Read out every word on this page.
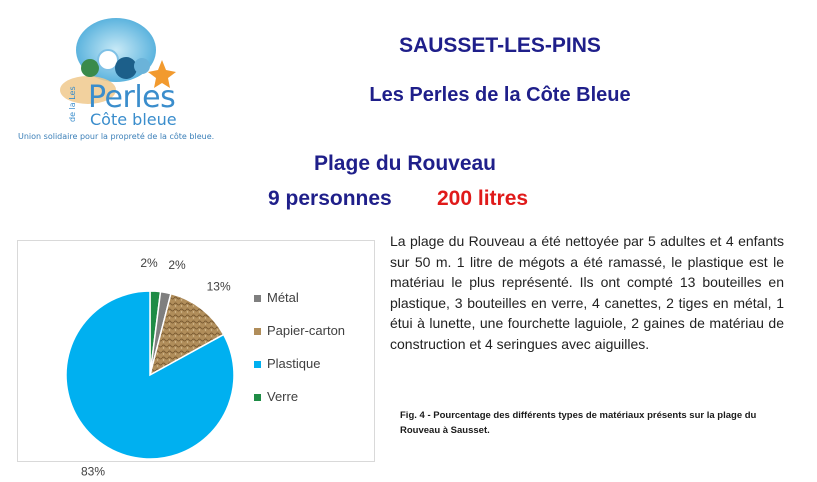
de la Les Perles
Côte bleue
Union solidaire pour la propreté de la côte bleue.
SAUSSET-LES-PINS
Les Perles de la Côte Bleue
Plage du Rouveau
9 personnes 200 litres
2% 2%
13%
83%
Métal
Papier-carton
Plastique
Verre
La plage du Rouveau a été nettoyée par 5 adultes et 4 enfants sur 50 m. 1 litre de mégots a été ramassé, le plastique est le matériau le plus représenté. Ils ont compté 13 bouteilles en plastique, 3 bouteilles en verre, 4 canettes, 2 tiges en métal, 1 étui à lunette, une fourchette laguiole, 2 gaines de matériau de construction et 4 seringues avec aiguilles.
Fig. 4 - Pourcentage des différents types de matériaux présents sur la plage du Rouveau à Sausset.
